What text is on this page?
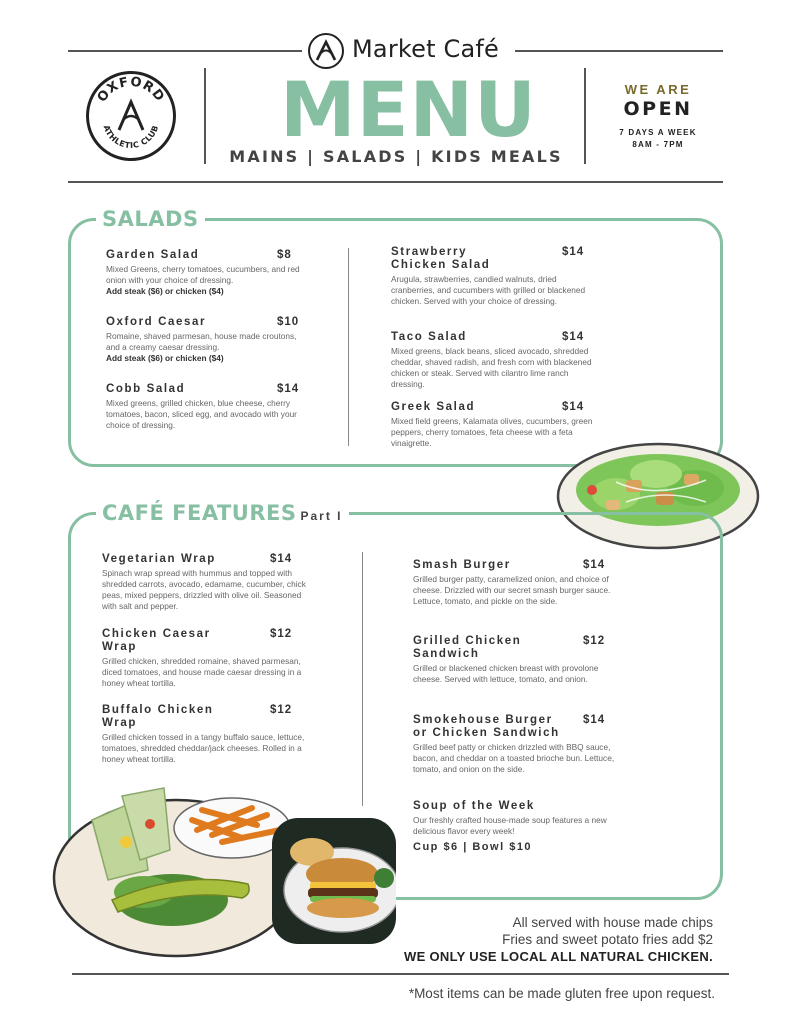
Market Café
OXFORD
ATHLETIC CLUB MENU
MAINS | SALADS | KIDS MEALS
WE ARE
OPEN
7 DAYS A WEEK
8AM - 7PM
SALADS
Garden Salad	$8
Mixed Greens, cherry tomatoes, cucumbers, and red onion with your choice of dressing.
Add steak ($6) or chicken ($4)
Oxford Caesar	$10
Romaine, shaved parmesan, house made croutons, and a creamy caesar dressing.
Add steak ($6) or chicken ($4)
Cobb Salad	$14
Mixed greens, grilled chicken, blue cheese, cherry tomatoes, bacon, sliced egg, and avocado with your choice of dressing.
Strawberry
Chicken Salad
$14
Arugula, strawberries, candied walnuts, dried cranberries, and cucumbers with grilled or blackened chicken. Served with your choice of dressing.
Taco Salad	$14
Mixed greens, black beans, sliced avocado, shredded cheddar, shaved radish, and fresh corn with blackened chicken or steak. Served with cilantro lime ranch dressing.
Greek Salad	$14
Mixed field greens, Kalamata olives, cucumbers, green peppers, cherry tomatoes, feta cheese with a feta vinaigrette.
CAFÉ FEATURES Part I
Vegetarian Wrap	$14
Spinach wrap spread with hummus and topped with shredded carrots, avocado, edamame, cucumber, chick peas, mixed peppers, drizzled with olive oil. Seasoned with salt and pepper.
Chicken Caesar
Wrap
$12
Grilled chicken, shredded romaine, shaved parmesan, diced tomatoes, and house made caesar dressing in a honey wheat tortilla.
Buffalo Chicken
Wrap
$12
Grilled chicken tossed in a tangy buffalo sauce, lettuce, tomatoes, shredded cheddar/jack cheeses. Rolled in a honey wheat tortilla.
Smash Burger	$14
Grilled burger patty, caramelized onion, and choice of cheese. Drizzled with our secret smash burger sauce. Lettuce, tomato, and pickle on the side.
Grilled Chicken
Sandwich
$12
Grilled or blackened chicken breast with provolone cheese. Served with lettuce, tomato, and onion.
Smokehouse Burger
or Chicken Sandwich
$14
Grilled beef patty or chicken drizzled with BBQ sauce, bacon, and cheddar on a toasted brioche bun. Lettuce, tomato, and onion on the side.
Soup of the Week
Our freshly crafted house-made soup features a new delicious flavor every week!
Cup $6 | Bowl $10
All served with house made chips
Fries and sweet potato fries add $2
WE ONLY USE LOCAL ALL NATURAL CHICKEN.
*Most items can be made gluten free upon request.
